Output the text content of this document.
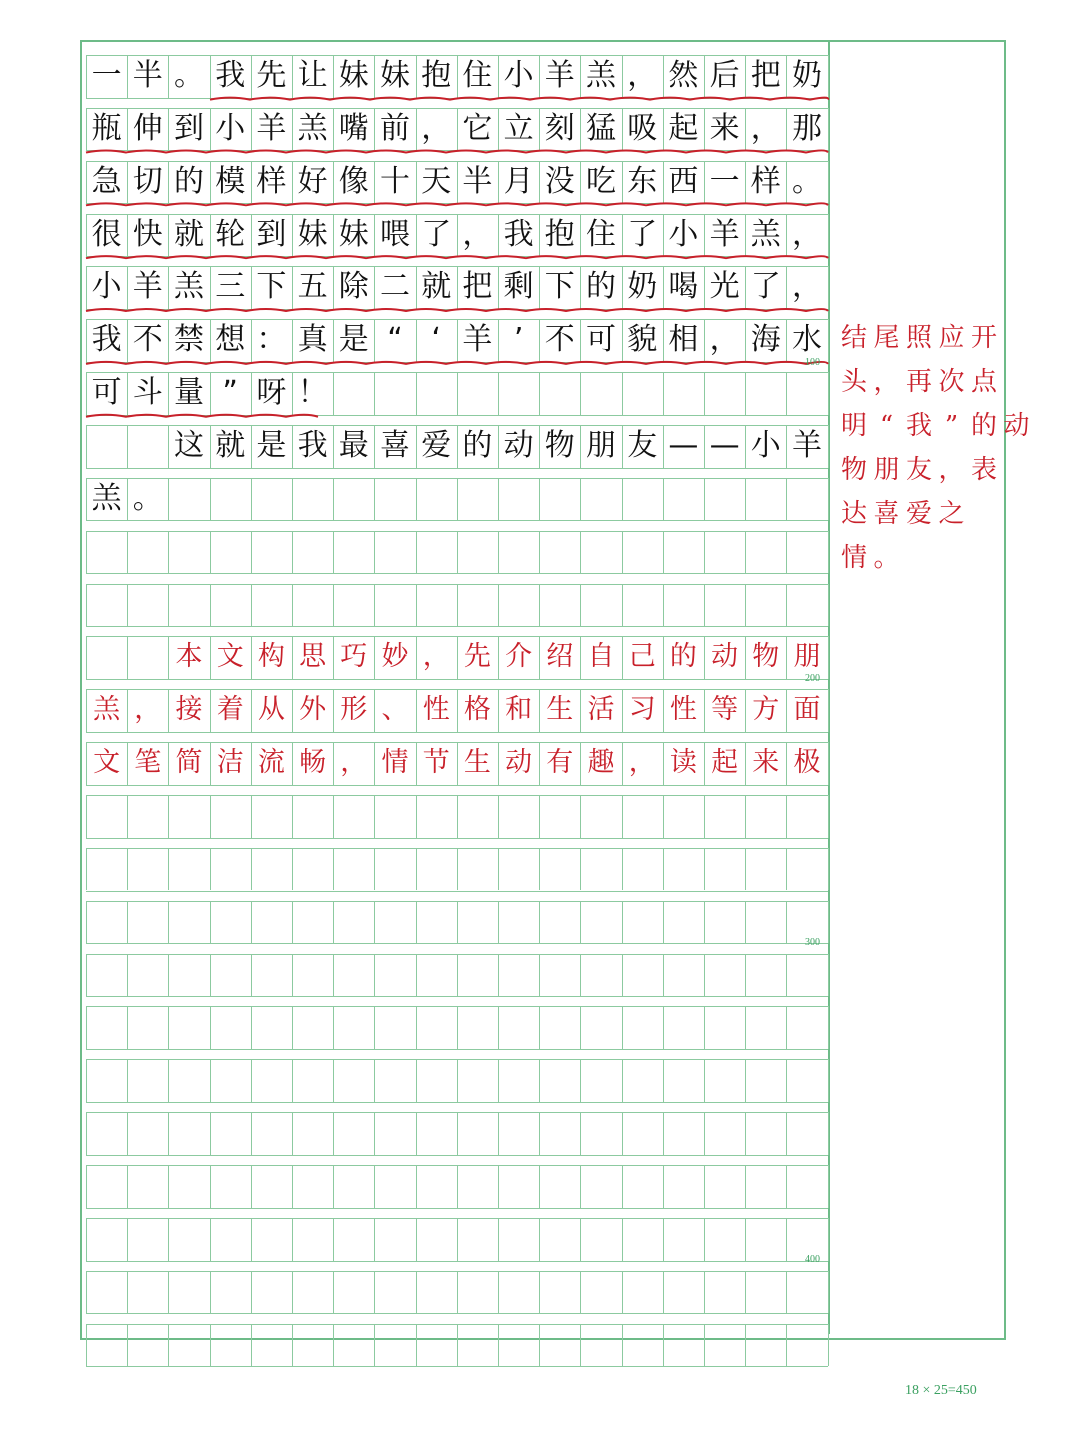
一 半 。 我 先 让 妹 妹 抱 住 小 羊 羔 ， 然 后 把 奶
瓶 伸 到 小 羊 羔 嘴 前 ， 它 立 刻 猛 吸 起 来 ， 那
急 切 的 模 样 好 像 十 天 半 月 没 吃 东 西 一 样 。
很 快 就 轮 到 妹 妹 喂 了 ， 我 抱 住 了 小 羊 羔 ，
小 羊 羔 三 下 五 除 二 就 把 剩 下 的 奶 喝 光 了 ，
我 不 禁 想 ： 真 是 “ ‘ 羊 ’ 不 可 貌 相 ， 海 水
可 斗 量 ” 呀 ！

这 就 是 我 最 喜 爱 的 动 物 朋 友 — — 小 羊
羔 。

本 文 构 思 巧 妙 ， 先 介 绍 自 己 的 动 物 朋
羔 ， 接 着 从 外 形 、 性 格 和 生 活 习 性 等 方 面
文 笔 简 洁 流 畅 ， 情 节 生 动 有 趣 ， 读 起 来 极
结 尾 照 应 开
头 ， 再 次 点
明 “ 我 ” 的 动
物 朋 友 ， 表
达 喜 爱 之
情 。
100
200
300
400
18 × 25=450
